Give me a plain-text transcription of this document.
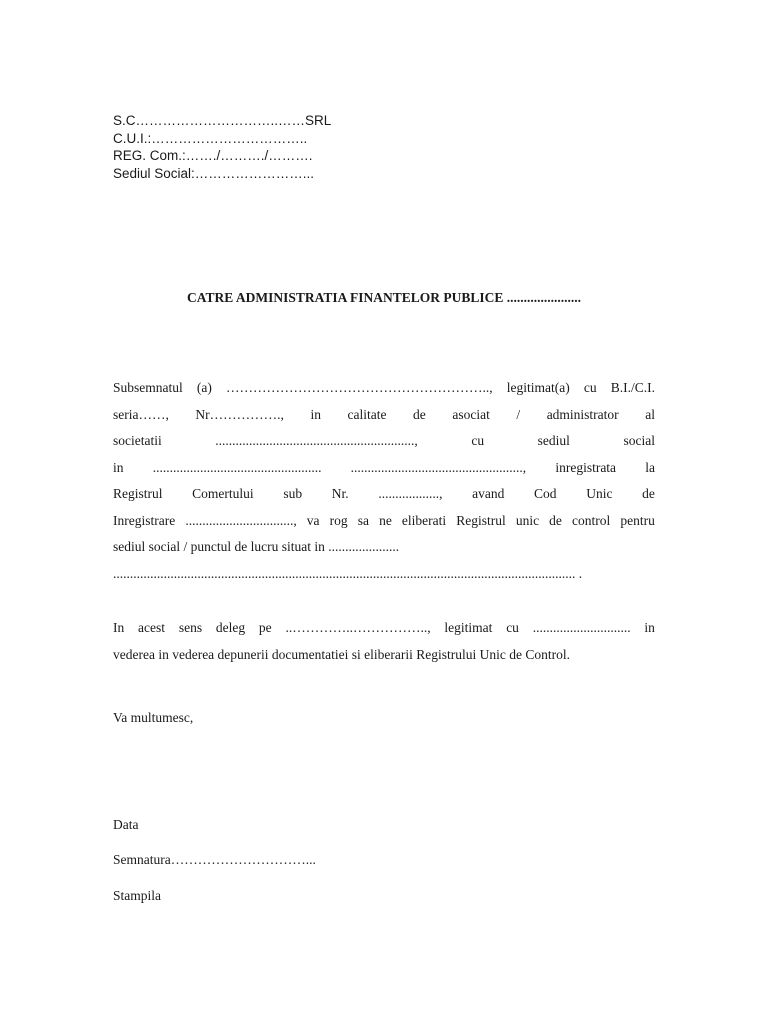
S.C…………………………..……SRL
C.U.I.:……………………………..
REG. Com.:……./………./……….
Sediul Social:……………………...
CATRE ADMINISTRATIA FINANTELOR PUBLICE ......................
Subsemnatul (a) ………………………………………………….., legitimat(a) cu B.I./C.I.
seria……, Nr……………., in calitate de asociat / administrator al
societatii	...........................................................,	cu	sediul	social
in .................................................. ..................................................., inregistrata la
Registrul Comertului sub Nr. .................., avand Cod Unic de
Inregistrare ................................, va rog sa ne eliberati Registrul unic de control pentru
sediul social / punctul de lucru situat in .....................
......................................................................................................................................... .
In acest sens deleg pe ..…………..…………….., legitimat cu ............................. in
vederea in vederea depunerii documentatiei si eliberarii Registrului Unic de Control.
Va multumesc,
Data
Semnatura…………………………...
Stampila
